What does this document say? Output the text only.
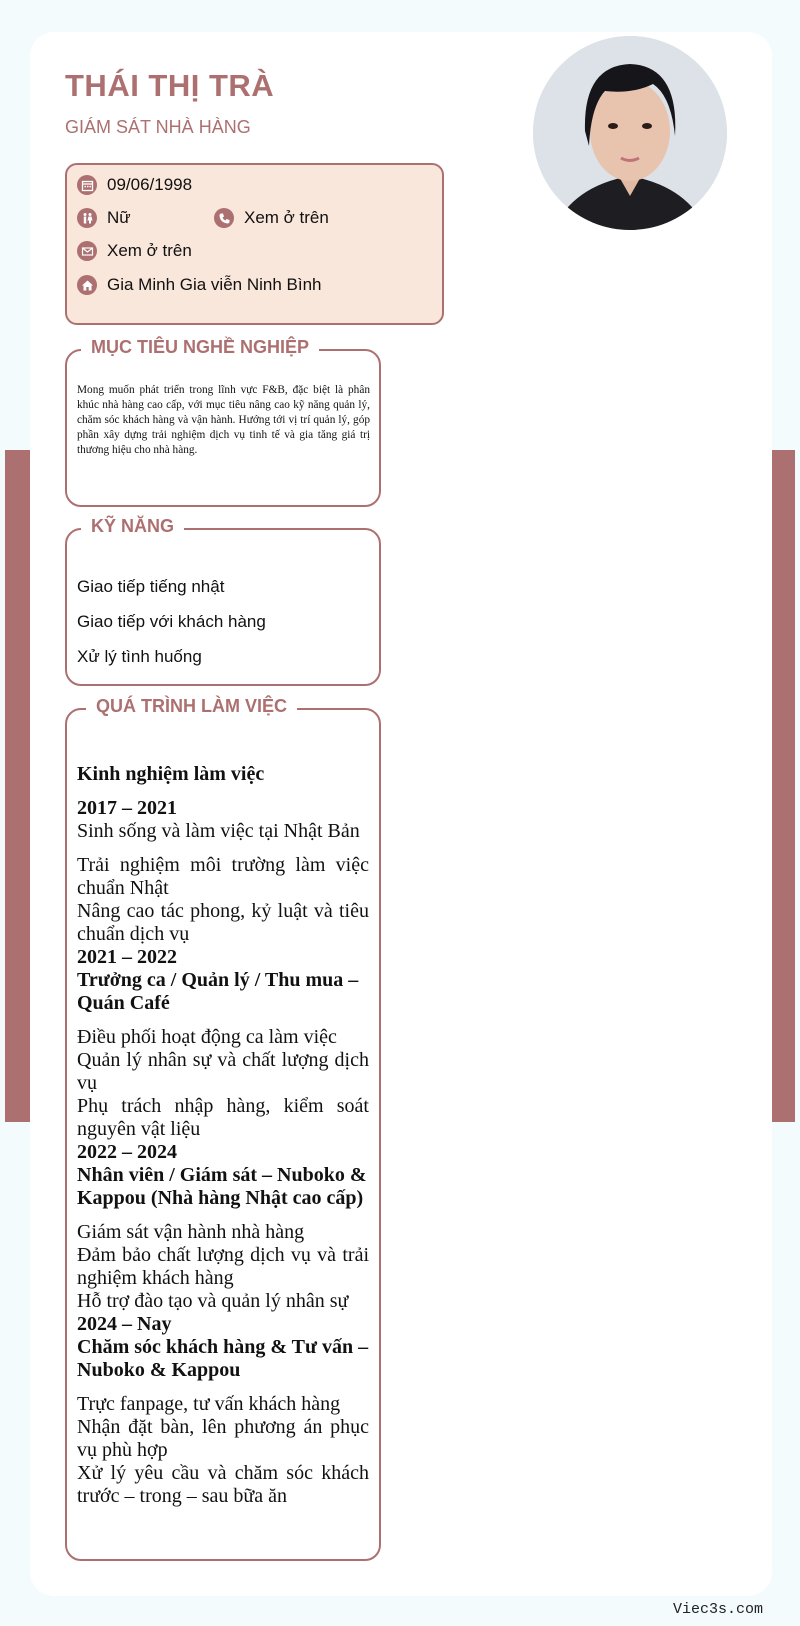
THÁI THỊ TRÀ
GIÁM SÁT NHÀ HÀNG
09/06/1998
Nữ	Xem ở trên
Xem ở trên
Gia Minh Gia viễn Ninh Bình
MỤC TIÊU NGHỀ NGHIỆP
Mong muốn phát triển trong lĩnh vực F&B, đặc biệt là phân khúc nhà hàng cao cấp, với mục tiêu nâng cao kỹ năng quản lý, chăm sóc khách hàng và vận hành. Hướng tới vị trí quản lý, góp phần xây dựng trải nghiệm dịch vụ tinh tế và gia tăng giá trị thương hiệu cho nhà hàng.
KỸ NĂNG
Giao tiếp tiếng nhật
Giao tiếp với khách hàng
Xử lý tình huống
QUÁ TRÌNH LÀM VIỆC
Kinh nghiệm làm việc
2017 – 2021
Sinh sống và làm việc tại Nhật Bản
Trải nghiệm môi trường làm việc chuẩn Nhật
Nâng cao tác phong, kỷ luật và tiêu chuẩn dịch vụ
2021 – 2022
Trưởng ca / Quản lý / Thu mua – Quán Café
Điều phối hoạt động ca làm việc
Quản lý nhân sự và chất lượng dịch vụ
Phụ trách nhập hàng, kiểm soát nguyên vật liệu
2022 – 2024
Nhân viên / Giám sát – Nuboko & Kappou (Nhà hàng Nhật cao cấp)
Giám sát vận hành nhà hàng
Đảm bảo chất lượng dịch vụ và trải nghiệm khách hàng
Hỗ trợ đào tạo và quản lý nhân sự
2024 – Nay
Chăm sóc khách hàng & Tư vấn – Nuboko & Kappou
Trực fanpage, tư vấn khách hàng
Nhận đặt bàn, lên phương án phục vụ phù hợp
Xử lý yêu cầu và chăm sóc khách trước – trong – sau bữa ăn
Viec3s.com
